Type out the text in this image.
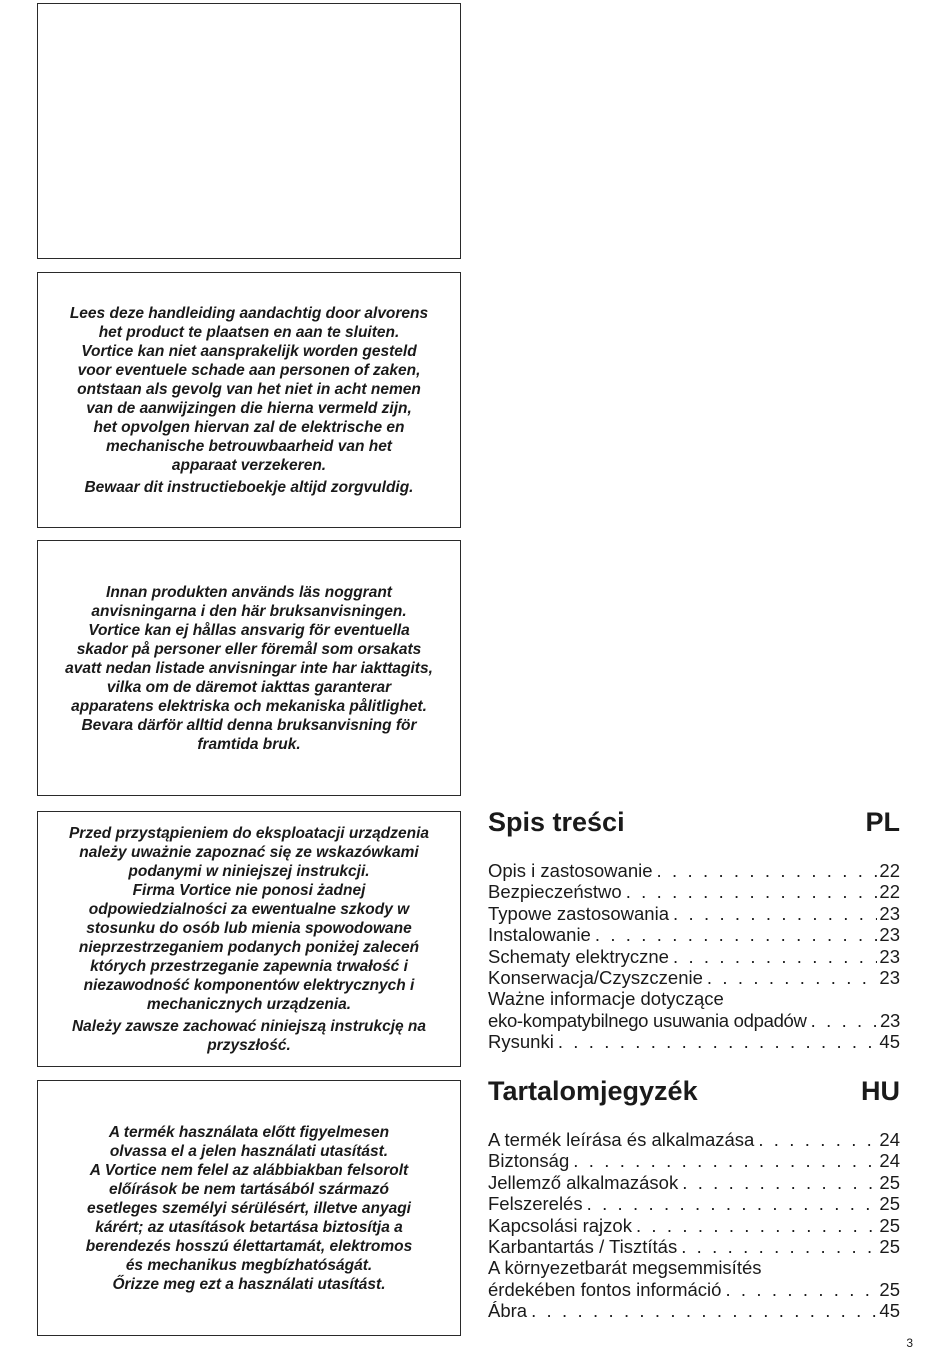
Lees deze handleiding aandachtig door alvorens

het product te plaatsen en aan te sluiten.

Vortice kan niet aansprakelijk worden gesteld

voor eventuele schade aan personen of zaken,

ontstaan als gevolg van het niet in acht nemen

van de aanwijzingen die hierna vermeld zijn,

het opvolgen hiervan zal de elektrische en

mechanische betrouwbaarheid van het

apparaat verzekeren.

Bewaar dit instructieboekje altijd zorgvuldig.

Innan produkten används läs noggrant

anvisningarna i den här bruksanvisningen.

Vortice kan ej hållas ansvarig för eventuella

skador på personer eller föremål som orsakats

avatt nedan listade anvisningar inte har iakttagits,

vilka om de däremot iakttas garanterar

apparatens elektriska och mekaniska pålitlighet.

Bevara därför alltid denna bruksanvisning för

framtida bruk.

Przed przystąpieniem do eksploatacji urządzenia

należy uważnie zapoznać się ze wskazówkami

podanymi w niniejszej instrukcji.

Firma Vortice nie ponosi żadnej

odpowiedzialności za ewentualne szkody w

stosunku do osób lub mienia spowodowane

nieprzestrzeganiem podanych poniżej zaleceń

których przestrzeganie zapewnia trwałość i

niezawodność komponentów elektrycznych i

mechanicznych urządzenia.

Należy zawsze zachować niniejszą instrukcję na

przyszłość.

A termék használata előtt figyelmesen

olvassa el a jelen használati utasítást.

A Vortice nem felel az alábbiakban felsorolt

előírások be nem tartásából származó

esetleges személyi sérülésért, illetve anyagi

kárért; az utasítások betartása biztosítja a

berendezés hosszú élettartamát, elektromos

és mechanikus megbízhatóságát.

Őrizze meg ezt a használati utasítást.

Spis treści	PL
Opis i zastosowanie . . .	22
Bezpieczeństwo . . .	22
Typowe zastosowania . . .	23
Instalowanie . . .	23
Schematy elektryczne . . .	23
Konserwacja/Czyszczenie . . .	23
Ważne informacje dotyczące
eko-kompatybilnego usuwania odpadów . . .	23
Rysunki . . .	45
Tartalomjegyzék	HU
A termék leírása és alkalmazása . . .	24
Biztonság . . .	24
Jellemző alkalmazások . . .	25
Felszerelés . . .	25
Kapcsolási rajzok . . .	25
Karbantartás / Tisztítás . . .	25
A környezetbarát megsemmisítés
érdekében fontos információ . . .	25
Ábra . . .	45
3
